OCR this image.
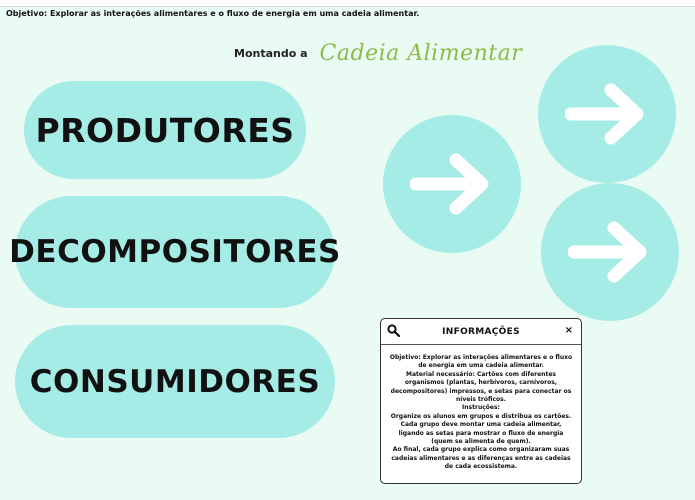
Objetivo: Explorar as interações alimentares e o fluxo de energia em uma cadeia alimentar.
Montando a Cadeia Alimentar
PRODUTORES
DECOMPOSITORES
CONSUMIDORES
INFORMAÇÕES	×

Objetivo: Explorar as interações alimentares e o fluxo de energia em uma cadeia alimentar.

Material necessário: Cartões com diferentes organismos (plantas, herbívoros, carnívoros, decompositores) impressos, e setas para conectar os níveis tróficos.

Instruções:

Organize os alunos em grupos e distribua os cartões.

Cada grupo deve montar uma cadeia alimentar, ligando as setas para mostrar o fluxo de energia (quem se alimenta de quem).

Ao final, cada grupo explica como organizaram suas cadeias alimentares e as diferenças entre as cadeias de cada ecossistema.
